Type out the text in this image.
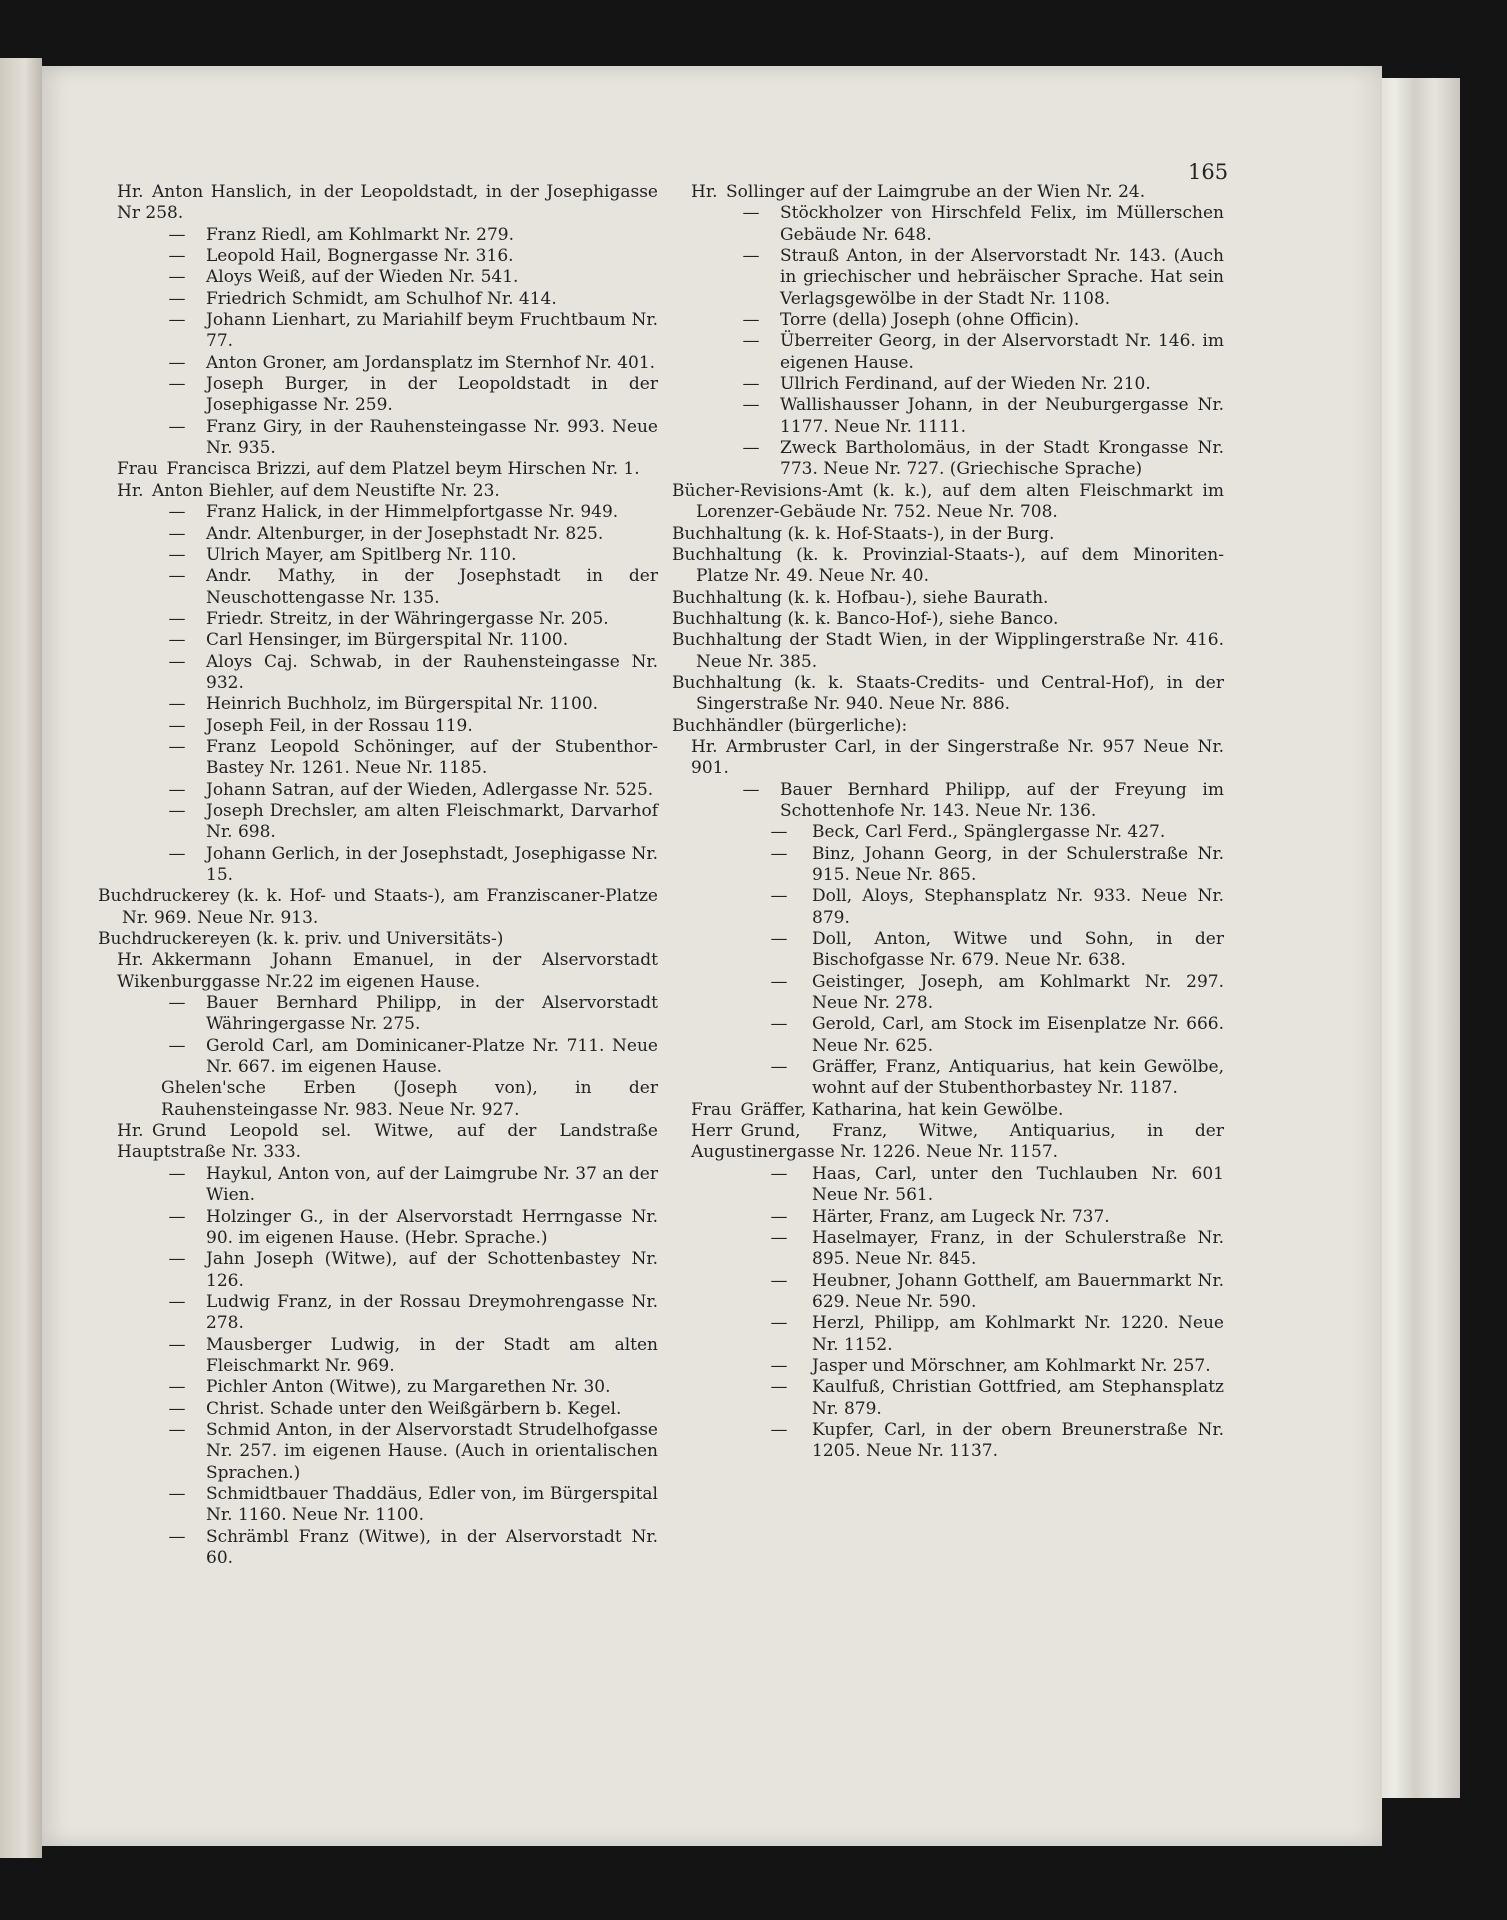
165
Hr. Anton Hanslich, in der Leopoldstadt, in der Josephigasse Nr 258.
—	Franz Riedl, am Kohlmarkt Nr. 279.
—	Leopold Hail, Bognergasse Nr. 316.
—	Aloys Weiß, auf der Wieden Nr. 541.
—	Friedrich Schmidt, am Schulhof Nr. 414.
—	Johann Lienhart, zu Mariahilf beym Fruchtbaum Nr. 77.
—	Anton Groner, am Jordansplatz im Sternhof Nr. 401.
—	Joseph Burger, in der Leopoldstadt in der Josephigasse Nr. 259.
—	Franz Giry, in der Rauhensteingasse Nr. 993. Neue Nr. 935.
Frau Francisca Brizzi, auf dem Platzel beym Hirschen Nr. 1.
Hr. Anton Biehler, auf dem Neustifte Nr. 23.
—	Franz Halick, in der Himmelpfortgasse Nr. 949.
—	Andr. Altenburger, in der Josephstadt Nr. 825.
—	Ulrich Mayer, am Spitlberg Nr. 110.
—	Andr. Mathy, in der Josephstadt in der Neuschottengasse Nr. 135.
—	Friedr. Streitz, in der Währingergasse Nr. 205.
—	Carl Hensinger, im Bürgerspital Nr. 1100.
—	Aloys Caj. Schwab, in der Rauhensteingasse Nr. 932.
—	Heinrich Buchholz, im Bürgerspital Nr. 1100.
—	Joseph Feil, in der Rossau 119.
—	Franz Leopold Schöninger, auf der Stubenthor-Bastey Nr. 1261. Neue Nr. 1185.
—	Johann Satran, auf der Wieden, Adlergasse Nr. 525.
—	Joseph Drechsler, am alten Fleischmarkt, Darvarhof Nr. 698.
—	Johann Gerlich, in der Josephstadt, Josephigasse Nr. 15.
Buchdruckerey (k. k. Hof- und Staats-), am Franziscaner-Platze Nr. 969. Neue Nr. 913.
Buchdruckereyen (k. k. priv. und Universitäts-)
Hr. Akkermann Johann Emanuel, in der Alservorstadt Wikenburggasse Nr.22 im eigenen Hause.
—	Bauer Bernhard Philipp, in der Alservorstadt Währingergasse Nr. 275.
—	Gerold Carl, am Dominicaner-Platze Nr. 711. Neue Nr. 667. im eigenen Hause.
Ghelen'sche Erben (Joseph von), in der Rauhensteingasse Nr. 983. Neue Nr. 927.
Hr. Grund Leopold sel. Witwe, auf der Landstraße Hauptstraße Nr. 333.
—	Haykul, Anton von, auf der Laimgrube Nr. 37 an der Wien.
—	Holzinger G., in der Alservorstadt Herrngasse Nr. 90. im eigenen Hause. (Hebr. Sprache.)
—	Jahn Joseph (Witwe), auf der Schottenbastey Nr. 126.
—	Ludwig Franz, in der Rossau Dreymohrengasse Nr. 278.
—	Mausberger Ludwig, in der Stadt am alten Fleischmarkt Nr. 969.
—	Pichler Anton (Witwe), zu Margarethen Nr. 30.
—	Christ. Schade unter den Weißgärbern b. Kegel.
—	Schmid Anton, in der Alservorstadt Strudelhofgasse Nr. 257. im eigenen Hause. (Auch in orientalischen Sprachen.)
—	Schmidtbauer Thaddäus, Edler von, im Bürgerspital Nr. 1160. Neue Nr. 1100.
—	Schrämbl Franz (Witwe), in der Alservorstadt Nr. 60.
Hr. Sollinger auf der Laimgrube an der Wien Nr. 24.
—	Stöckholzer von Hirschfeld Felix, im Müllerschen Gebäude Nr. 648.
—	Strauß Anton, in der Alservorstadt Nr. 143. (Auch in griechischer und hebräischer Sprache. Hat sein Verlagsgewölbe in der Stadt Nr. 1108.
—	Torre (della) Joseph (ohne Officin).
—	Überreiter Georg, in der Alservorstadt Nr. 146. im eigenen Hause.
—	Ullrich Ferdinand, auf der Wieden Nr. 210.
—	Wallishausser Johann, in der Neuburgergasse Nr. 1177. Neue Nr. 1111.
—	Zweck Bartholomäus, in der Stadt Krongasse Nr. 773. Neue Nr. 727. (Griechische Sprache)
Bücher-Revisions-Amt (k. k.), auf dem alten Fleischmarkt im Lorenzer-Gebäude Nr. 752. Neue Nr. 708.
Buchhaltung (k. k. Hof-Staats-), in der Burg.
Buchhaltung (k. k. Provinzial-Staats-), auf dem Minoriten-Platze Nr. 49. Neue Nr. 40.
Buchhaltung (k. k. Hofbau-), siehe Baurath.
Buchhaltung (k. k. Banco-Hof-), siehe Banco.
Buchhaltung der Stadt Wien, in der Wipplingerstraße Nr. 416. Neue Nr. 385.
Buchhaltung (k. k. Staats-Credits- und Central-Hof), in der Singerstraße Nr. 940. Neue Nr. 886.
Buchhändler (bürgerliche):
Hr. Armbruster Carl, in der Singerstraße Nr. 957 Neue Nr. 901.
—	Bauer Bernhard Philipp, auf der Freyung im Schottenhofe Nr. 143. Neue Nr. 136.
—	Beck, Carl Ferd., Spänglergasse Nr. 427.
—	Binz, Johann Georg, in der Schulerstraße Nr. 915. Neue Nr. 865.
—	Doll, Aloys, Stephansplatz Nr. 933. Neue Nr. 879.
—	Doll, Anton, Witwe und Sohn, in der Bischofgasse Nr. 679. Neue Nr. 638.
—	Geistinger, Joseph, am Kohlmarkt Nr. 297. Neue Nr. 278.
—	Gerold, Carl, am Stock im Eisenplatze Nr. 666. Neue Nr. 625.
—	Gräffer, Franz, Antiquarius, hat kein Gewölbe, wohnt auf der Stubenthorbastey Nr. 1187.
Frau Gräffer, Katharina, hat kein Gewölbe.
Herr Grund, Franz, Witwe, Antiquarius, in der Augustinergasse Nr. 1226. Neue Nr. 1157.
—	Haas, Carl, unter den Tuchlauben Nr. 601 Neue Nr. 561.
—	Härter, Franz, am Lugeck Nr. 737.
—	Haselmayer, Franz, in der Schulerstraße Nr. 895. Neue Nr. 845.
—	Heubner, Johann Gotthelf, am Bauernmarkt Nr. 629. Neue Nr. 590.
—	Herzl, Philipp, am Kohlmarkt Nr. 1220. Neue Nr. 1152.
—	Jasper und Mörschner, am Kohlmarkt Nr. 257.
—	Kaulfuß, Christian Gottfried, am Stephansplatz Nr. 879.
—	Kupfer, Carl, in der obern Breunerstraße Nr. 1205. Neue Nr. 1137.
